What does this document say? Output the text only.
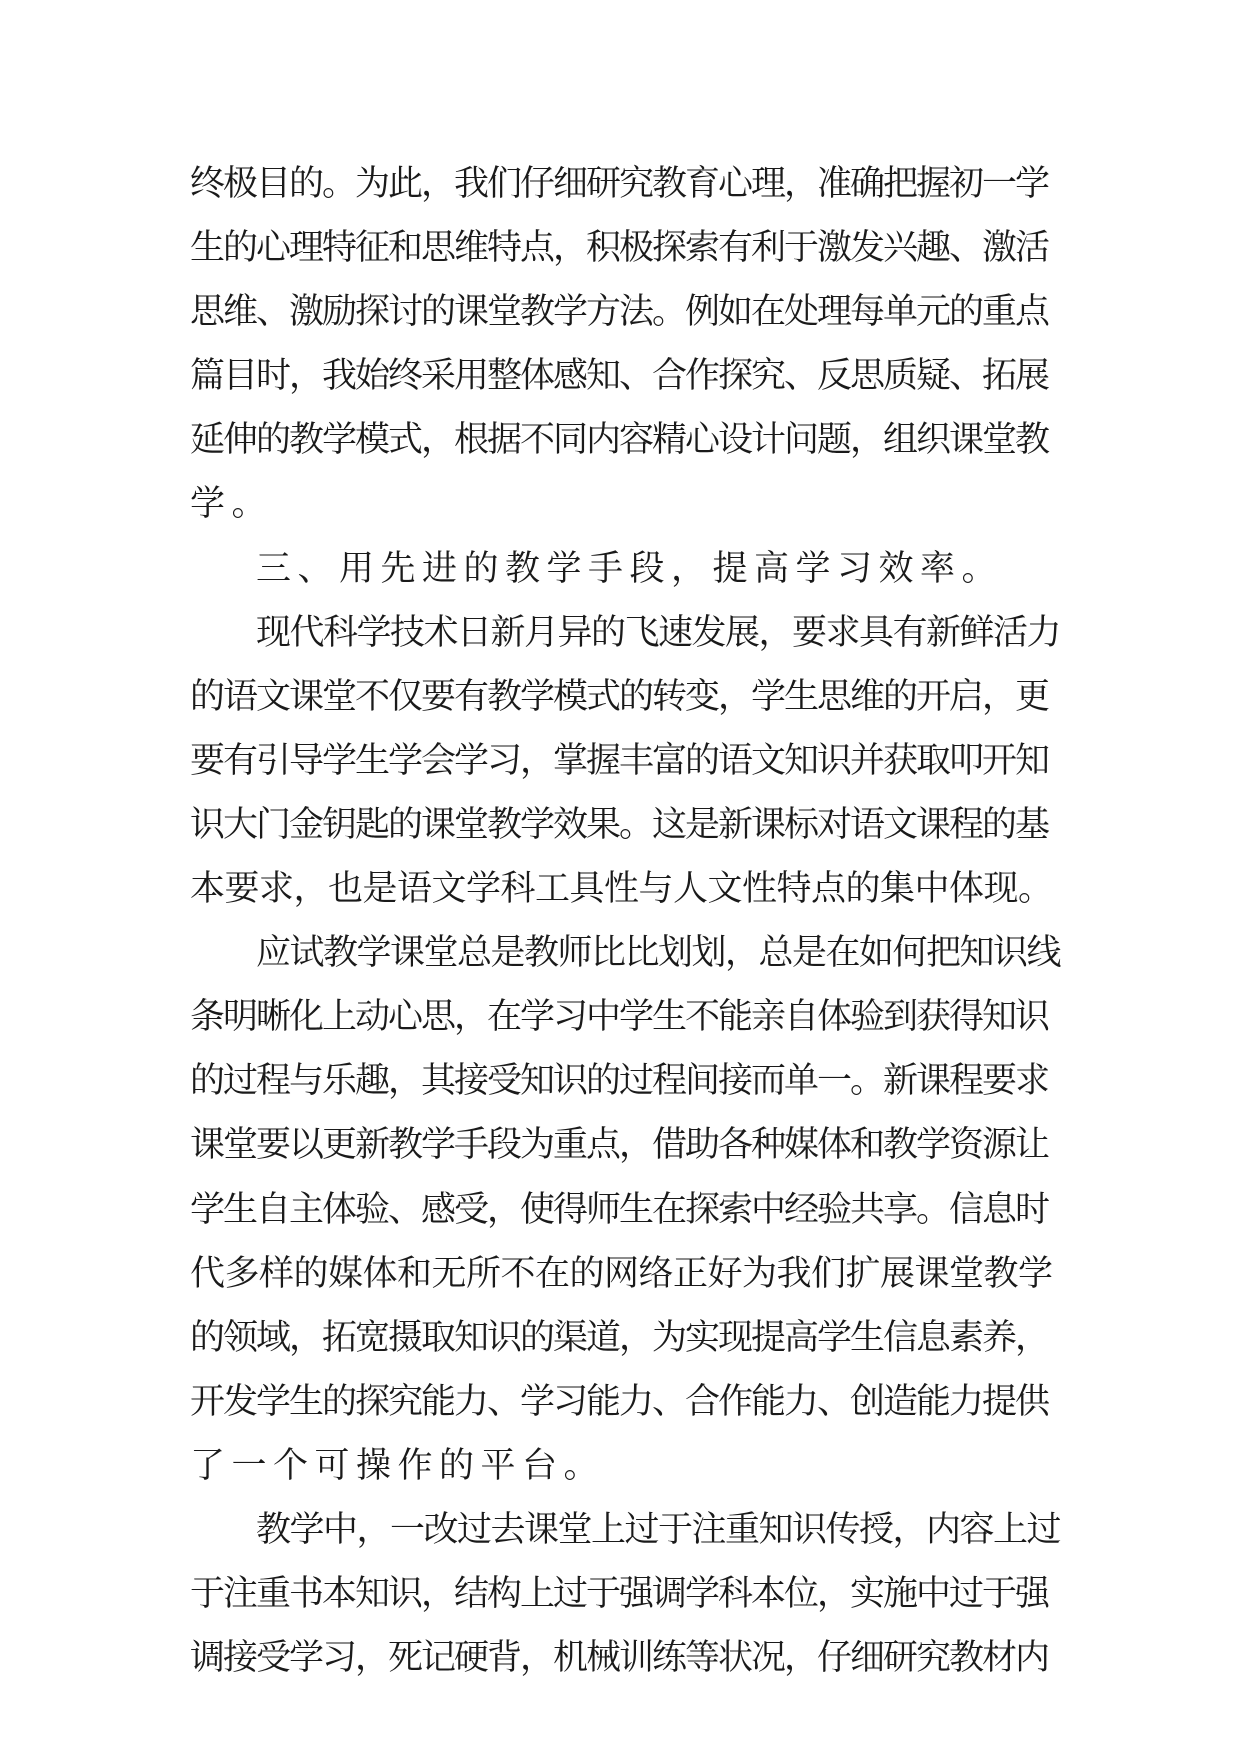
终极目的。为此，我们仔细研究教育心理，准确把握初一学
生的心理特征和思维特点，积极探索有利于激发兴趣、激活
思维、激励探讨的课堂教学方法。例如在处理每单元的重点
篇目时，我始终采用整体感知、合作探究、反思质疑、拓展
延伸的教学模式，根据不同内容精心设计问题，组织课堂教
学。
三、用先进的教学手段，提高学习效率。
现代科学技术日新月异的飞速发展，要求具有新鲜活力
的语文课堂不仅要有教学模式的转变，学生思维的开启，更
要有引导学生学会学习，掌握丰富的语文知识并获取叩开知
识大门金钥匙的课堂教学效果。这是新课标对语文课程的基
本要求，也是语文学科工具性与人文性特点的集中体现。
应试教学课堂总是教师比比划划，总是在如何把知识线
条明晰化上动心思，在学习中学生不能亲自体验到获得知识
的过程与乐趣，其接受知识的过程间接而单一。新课程要求
课堂要以更新教学手段为重点，借助各种媒体和教学资源让
学生自主体验、感受，使得师生在探索中经验共享。信息时
代多样的媒体和无所不在的网络正好为我们扩展课堂教学
的领域，拓宽摄取知识的渠道，为实现提高学生信息素养，
开发学生的探究能力、学习能力、合作能力、创造能力提供
了一个可操作的平台。
教学中，一改过去课堂上过于注重知识传授，内容上过
于注重书本知识，结构上过于强调学科本位，实施中过于强
调接受学习，死记硬背，机械训练等状况，仔细研究教材内
